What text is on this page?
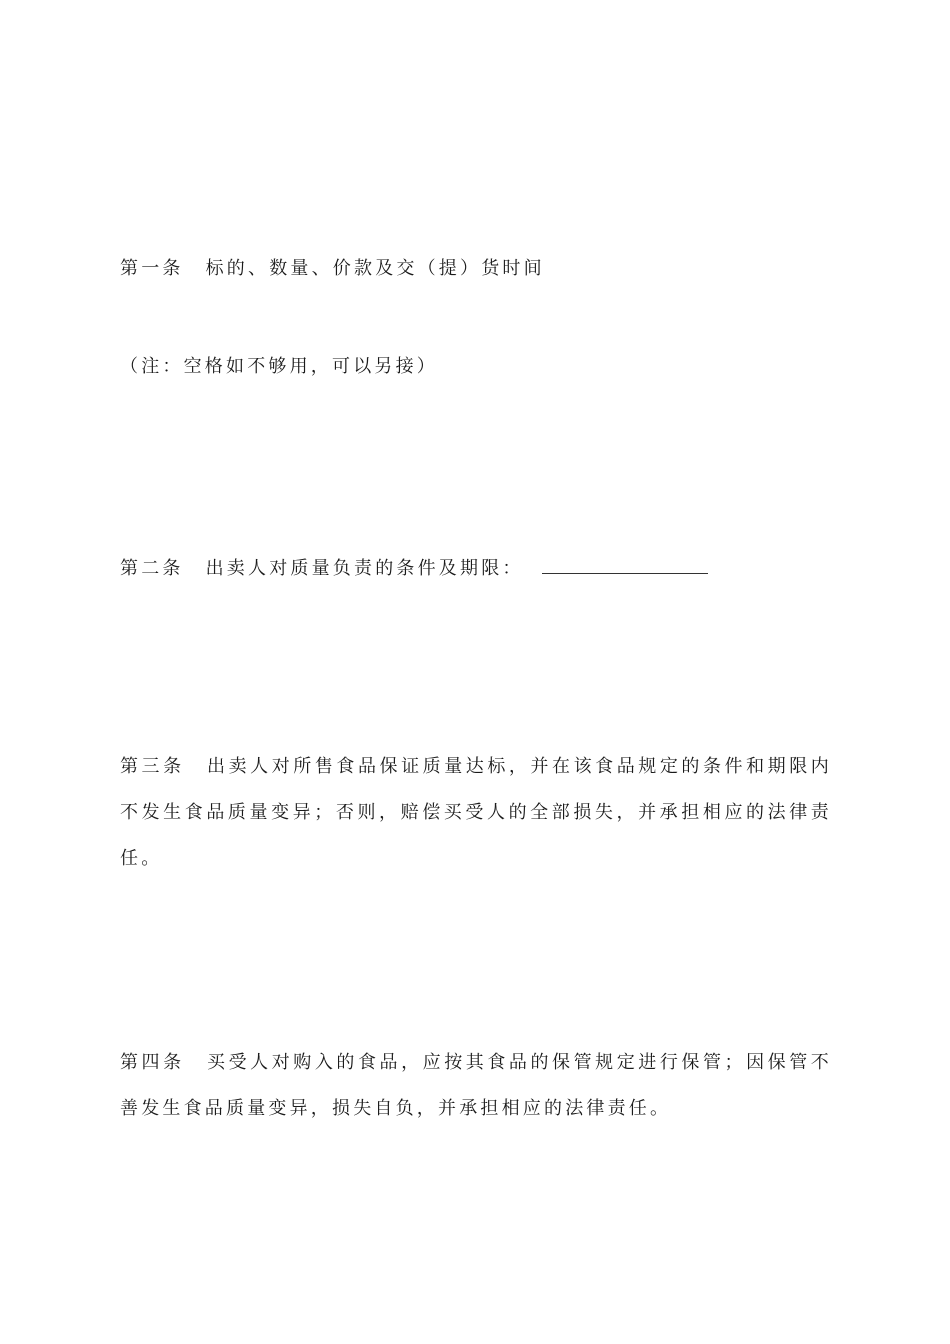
第一条 标的、数量、价款及交（提）货时间

（注：空格如不够用，可以另接）

第二条 出卖人对质量负责的条件及期限：

第三条 出卖人对所售食品保证质量达标，并在该食品规定的条件和期限内不发生食品质量变异；否则，赔偿买受人的全部损失，并承担相应的法律责任。

第四条 买受人对购入的食品，应按其食品的保管规定进行保管；因保管不善发生食品质量变异，损失自负，并承担相应的法律责任。
